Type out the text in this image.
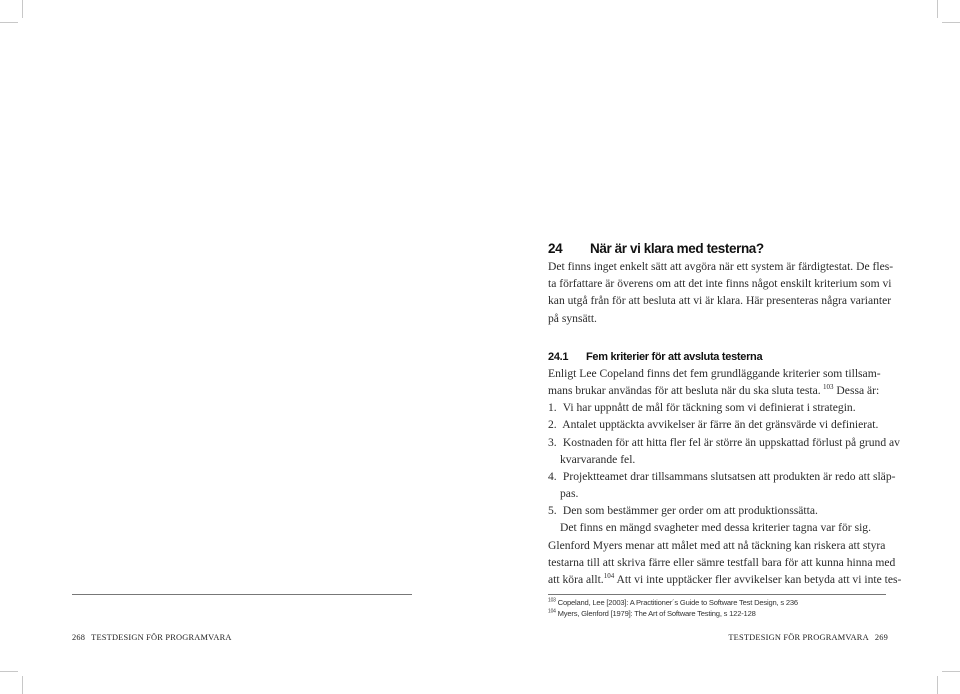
24 När är vi klara med testerna?
Det finns inget enkelt sätt att avgöra när ett system är färdigtestat. De fles-
ta författare är överens om att det inte finns något enskilt kriterium som vi
kan utgå från för att besluta att vi är klara. Här presenteras några varianter
på synsätt.
24.1 Fem kriterier för att avsluta testerna
Enligt Lee Copeland finns det fem grundläggande kriterier som tillsam-
mans brukar användas för att besluta när du ska sluta testa.  $^{103}$ Dessa är:
1. Vi har uppnått de mål för täckning som vi definierat i strategin.
2. Antalet upptäckta avvikelser är färre än det gränsvärde vi definierat.
3. Kostnaden för att hitta fler fel är större än uppskattad förlust på grund av
kvarvarande fel.
4. Projektteamet drar tillsammans slutsatsen att produkten är redo att släp-
pas.
5. Den som bestämmer ger order om att produktionssätta.
Det finns en mängd svagheter med dessa kriterier tagna var för sig.
Glenford Myers menar att målet med att nå täckning kan riskera att styra
testarna till att skriva färre eller sämre testfall bara för att kunna hinna med
att köra allt.$^{104}$ Att vi inte upptäcker fler avvikelser kan betyda att vi inte tes-
$^{103}$ Copeland, Lee [2003]: A Practitioner´s Guide to Software Test Design, s 236
$^{104}$ Myers, Glenford [1979]: The Art of Software Testing, s 122-128
268 TESTDESIGN FÖR PROGRAMVARA	TESTDESIGN FÖR PROGRAMVARA 269
